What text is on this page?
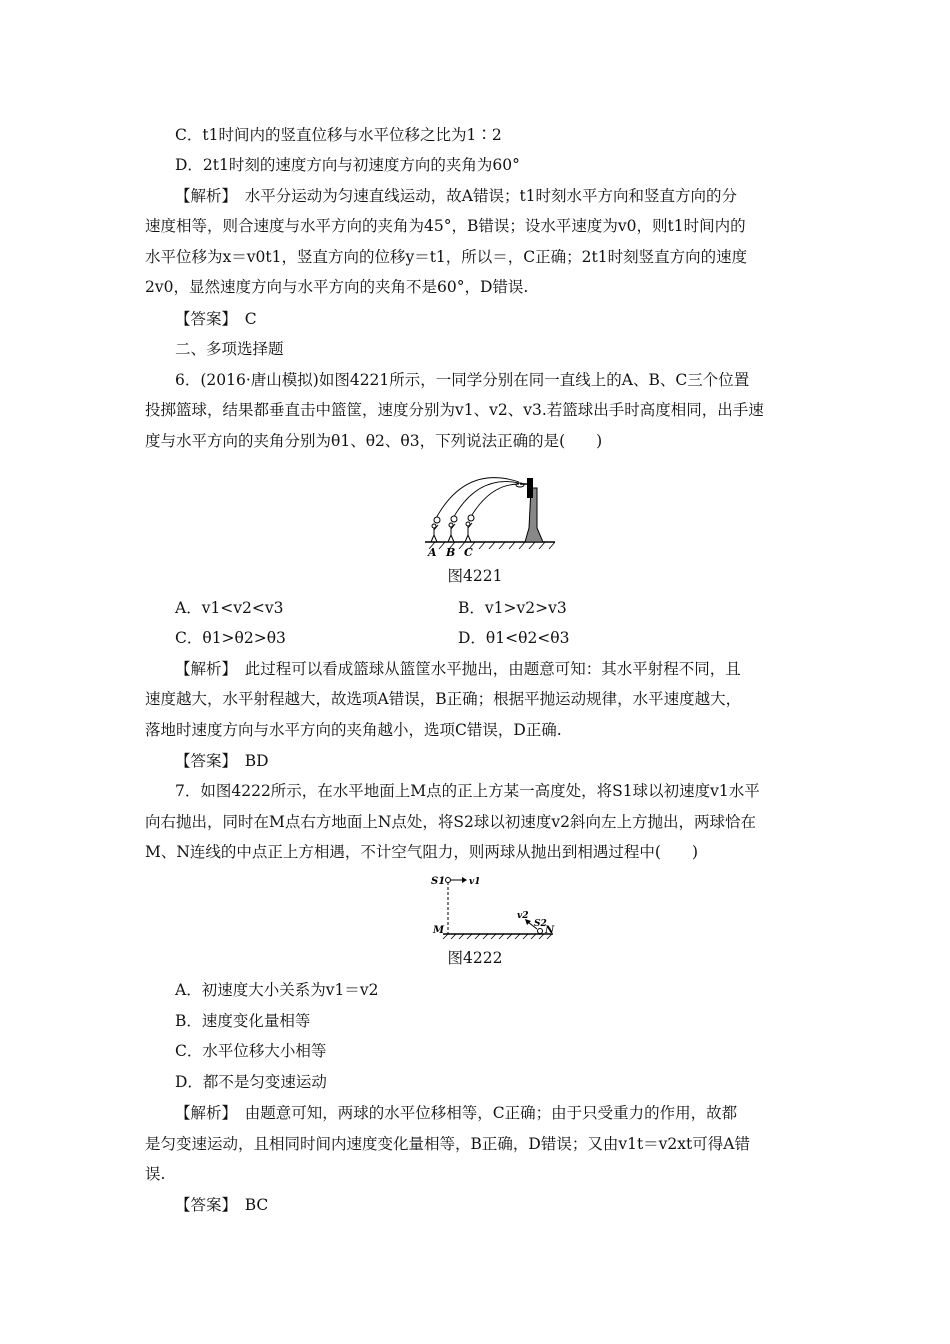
C．t1时间内的竖直位移与水平位移之比为1∶2
D．2t1时刻的速度方向与初速度方向的夹角为60°
【解析】　水平分运动为匀速直线运动，故A错误；t1时刻水平方向和竖直方向的分
速度相等，则合速度与水平方向的夹角为45°，B错误；设水平速度为v0，则t1时间内的
水平位移为x＝v0t1，竖直方向的位移y＝t1，所以＝，C正确；2t1时刻竖直方向的速度
2v0，显然速度方向与水平方向的夹角不是60°，D错误.
【答案】　C
二、多项选择题
6．(2016·唐山模拟)如图4221所示，一同学分别在同一直线上的A、B、C三个位置
投掷篮球，结果都垂直击中篮筐，速度分别为v1、v2、v3.若篮球出手时高度相同，出手速
度与水平方向的夹角分别为θ1、θ2、θ3，下列说法正确的是(　　)
A B C
图4221
A．v1<v2<v3	B．v1>v2>v3
C．θ1>θ2>θ3	D．θ1<θ2<θ3
【解析】　此过程可以看成篮球从篮筐水平抛出，由题意可知：其水平射程不同，且
速度越大，水平射程越大，故选项A错误，B正确；根据平抛运动规律，水平速度越大，
落地时速度方向与水平方向的夹角越小，选项C错误，D正确.
【答案】　BD
7．如图4222所示，在水平地面上M点的正上方某一高度处，将S1球以初速度v1水平
向右抛出，同时在M点右方地面上N点处，将S2球以初速度v2斜向左上方抛出，两球恰在
M、N连线的中点正上方相遇，不计空气阻力，则两球从抛出到相遇过程中(　　)
S1	v1
M
v2
S2
N
图4222
A．初速度大小关系为v1＝v2
B．速度变化量相等
C．水平位移大小相等
D．都不是匀变速运动
【解析】　由题意可知，两球的水平位移相等，C正确；由于只受重力的作用，故都
是匀变速运动，且相同时间内速度变化量相等，B正确，D错误；又由v1t＝v2xt可得A错
误.
【答案】　BC
